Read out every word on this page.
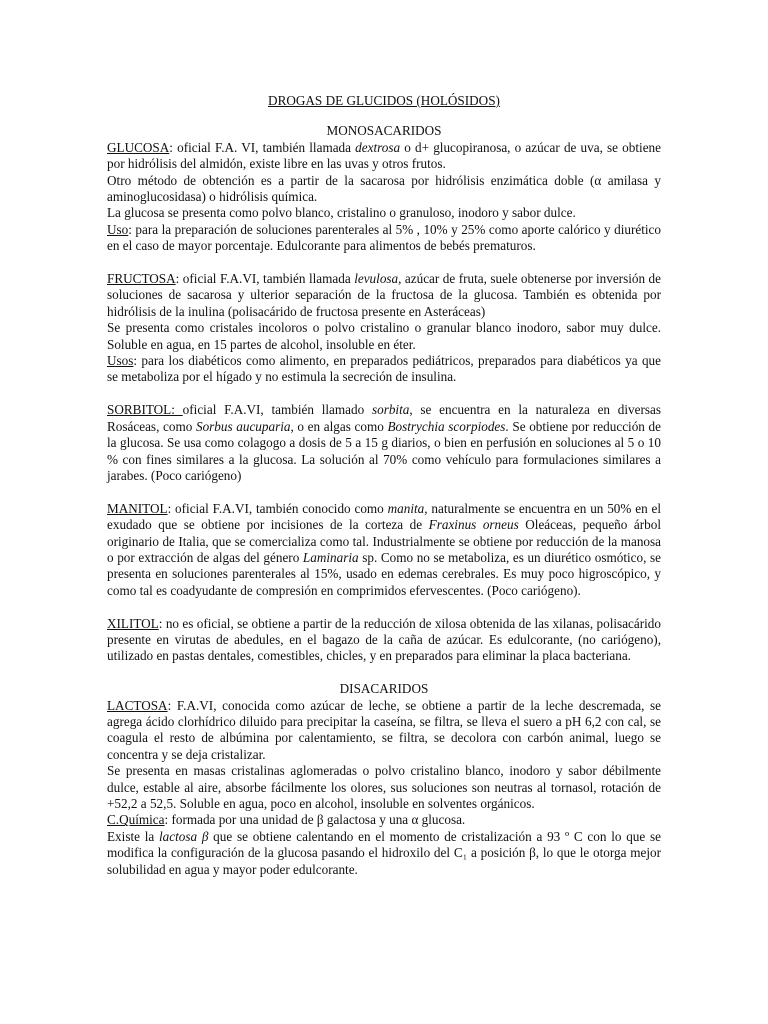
DROGAS DE GLUCIDOS (HOLÓSIDOS)

MONOSACARIDOS

GLUCOSA: oficial F.A. VI, también llamada dextrosa o d+ glucopiranosa, o azúcar de uva, se obtiene por hidrólisis del almidón, existe libre en las uvas y otros frutos.

Otro método de obtención es a partir de la sacarosa por hidrólisis enzimática doble (α amilasa y aminoglucosidasa) o hidrólisis química.

La glucosa se presenta como polvo blanco, cristalino o granuloso, inodoro y sabor dulce.

Uso: para la preparación de soluciones parenterales al 5% , 10% y 25% como aporte calórico y diurético en el caso de mayor porcentaje. Edulcorante para alimentos de bebés prematuros.

FRUCTOSA: oficial F.A.VI, también llamada levulosa, azúcar de fruta, suele obtenerse por inversión de soluciones de sacarosa y ulterior separación de la fructosa de la glucosa. También es obtenida por hidrólisis de la inulina (polisacárido de fructosa presente en Asteráceas)

Se presenta como cristales incoloros o polvo cristalino o granular blanco inodoro, sabor muy dulce. Soluble en agua, en 15 partes de alcohol, insoluble en éter.

Usos: para los diabéticos como alimento, en preparados pediátricos, preparados para diabéticos ya que se metaboliza por el hígado y no estimula la secreción de insulina.

SORBITOL: oficial F.A.VI, también llamado sorbita, se encuentra en la naturaleza en diversas Rosáceas, como Sorbus aucuparia, o en algas como Bostrychia scorpiodes. Se obtiene por reducción de la glucosa. Se usa como colagogo a dosis de 5 a 15 g diarios, o bien en perfusión en soluciones al 5 o 10 % con fines similares a la glucosa. La solución al 70% como vehículo para formulaciones similares a jarabes. (Poco cariógeno)

MANITOL: oficial F.A.VI, también conocido como manita, naturalmente se encuentra en un 50% en el exudado que se obtiene por incisiones de la corteza de Fraxinus orneus Oleáceas, pequeño árbol originario de Italia, que se comercializa como tal. Industrialmente se obtiene por reducción de la manosa o por extracción de algas del género Laminaria sp. Como no se metaboliza, es un diurético osmótico, se presenta en soluciones parenterales al 15%, usado en edemas cerebrales. Es muy poco higroscópico, y como tal es coadyudante de compresión en comprimidos efervescentes. (Poco cariógeno).

XILITOL: no es oficial, se obtiene a partir de la reducción de xilosa obtenida de las xilanas, polisacárido presente en virutas de abedules, en el bagazo de la caña de azúcar. Es edulcorante, (no cariógeno), utilizado en pastas dentales, comestibles, chicles, y en preparados para eliminar la placa bacteriana.

DISACARIDOS

LACTOSA: F.A.VI, conocida como azúcar de leche, se obtiene a partir de la leche descremada, se agrega ácido clorhídrico diluido para precipitar la caseína, se filtra, se lleva el suero a pH 6,2 con cal, se coagula el resto de albúmina por calentamiento, se filtra, se decolora con carbón animal, luego se concentra y se deja cristalizar.

Se presenta en masas cristalinas aglomeradas o polvo cristalino blanco, inodoro y sabor débilmente dulce, estable al aire, absorbe fácilmente los olores, sus soluciones son neutras al tornasol, rotación de +52,2 a 52,5. Soluble en agua, poco en alcohol, insoluble en solventes orgánicos.

C.Química: formada por una unidad de β galactosa y una α glucosa.

Existe la lactosa β que se obtiene calentando en el momento de cristalización a 93 º C con lo que se modifica la configuración de la glucosa pasando el hidroxilo del C₁ a posición β, lo que le otorga mejor solubilidad en agua y mayor poder edulcorante.
